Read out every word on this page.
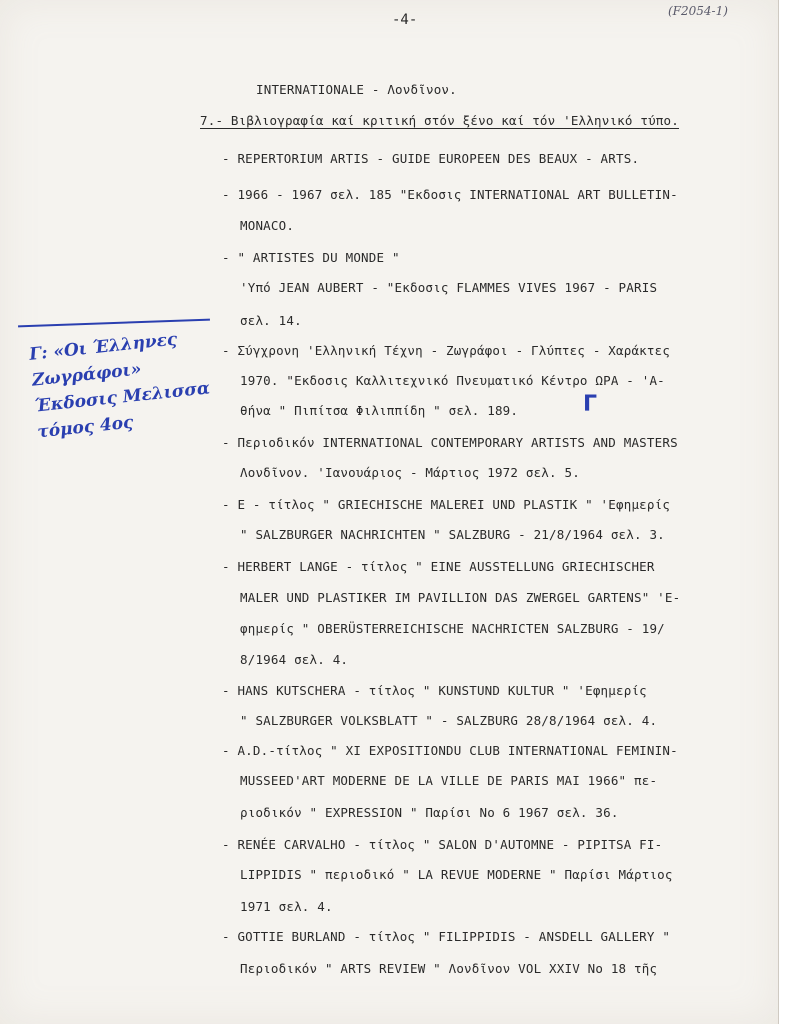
-4-
(F2054-1)
INTERNATIONALE - Λονδῖνον.
7.- Βιβλιογραφία καί κριτική στόν ξένο καί τόν 'Ελληνικό τύπο.
- REPERTORIUM ARTIS - GUIDE EUROPEEN DES BEAUX - ARTS.
- 1966 - 1967 σελ. 185 "Εκδοσις INTERNATIONAL ART BULLETIN-
MONACO.
- " ARTISTES DU MONDE "
'Υπό JEAN AUBERT - "Εκδοσις FLAMMES VIVES 1967 - PARIS
σελ. 14.
- Σύγχρονη 'Ελληνική Τέχνη - Ζωγράφοι - Γλύπτες - Χαράκτες
1970. "Εκδοσις Καλλιτεχνικό Πνευματικό Κέντρο ΩΡΑ - 'Α-
θήνα " Πιπίτσα Φιλιππίδη " σελ. 189.
- Περιοδικόν INTERNATIONAL CONTEMPORARY ARTISTS AND MASTERS
Λονδῖνον. 'Ιανουάριος - Μάρτιος 1972 σελ. 5.
- Ε - τίτλος " GRIECHISCHE MALEREI UND PLASTIK " 'Εφημερίς
" SALZBURGER NACHRICHTEN " SALZBURG - 21/8/1964 σελ. 3.
- HERBERT LANGE - τίτλος " EINE AUSSTELLUNG GRIECHISCHER
MALER UND PLASTIKER IM PAVILLION DAS ZWERGEL GARTENS" 'E-
φημερίς " OBERÜSTERREICHISCHE NACHRICTEN SALZBURG - 19/
8/1964 σελ. 4.
- HANS KUTSCHERA - τίτλος " KUNSTUND KULTUR " 'Εφημερίς
" SALZBURGER VOLKSBLATT " - SALZBURG 28/8/1964 σελ. 4.
- A.D.-τίτλος " XI EXPOSITIONDU CLUB INTERNATIONAL FEMININ-
MUSSEED'ART MODERNE DE LA VILLE DE PARIS MAI 1966" πε-
ριοδικόν " EXPRESSION " Παρίσι No 6 1967 σελ. 36.
- RENÉE CARVALHO - τίτλος " SALON D'AUTOMNE - PIPITSA FI-
LIPPIDIS " περιοδικό " LA REVUE MODERNE " Παρίσι Μάρτιος
1971 σελ. 4.
- GOTTIE BURLAND - τίτλος " FILIPPIDIS - ANSDELL GALLERY "
Περιοδικόν " ARTS REVIEW " Λονδῖνον VOL XXIV No 18 τῆς
Γ: «Οι Έλληνες Ζωγράφοι» Έκδοσις Μελισσα τόμος 4ος
Γ
